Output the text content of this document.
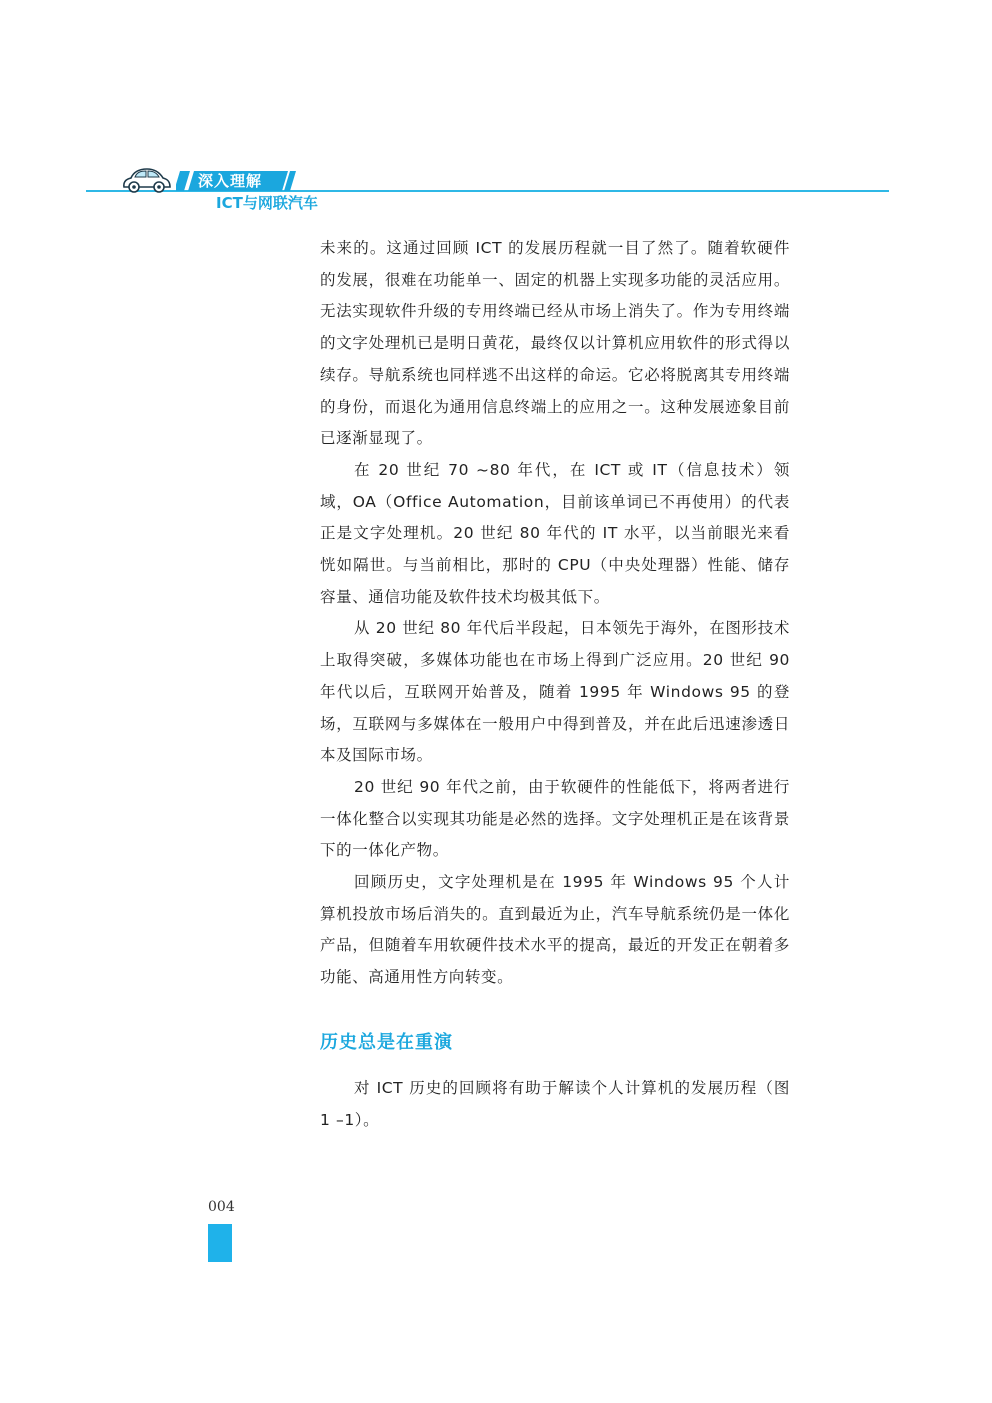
深入理解
ICT与网联汽车

未来的。这通过回顾 ICT 的发展历程就一目了然了。随着软硬件的发展，很难在功能单一、固定的机器上实现多功能的灵活应用。无法实现软件升级的专用终端已经从市场上消失了。作为专用终端的文字处理机已是明日黄花，最终仅以计算机应用软件的形式得以续存。导航系统也同样逃不出这样的命运。它必将脱离其专用终端的身份，而退化为通用信息终端上的应用之一。这种发展迹象目前已逐渐显现了。

在 20 世纪 70 ~80 年代，在 ICT 或 IT（信息技术）领域，OA（Office Automation，目前该单词已不再使用）的代表正是文字处理机。20 世纪 80 年代的 IT 水平，以当前眼光来看恍如隔世。与当前相比，那时的 CPU（中央处理器）性能、储存容量、通信功能及软件技术均极其低下。

从 20 世纪 80 年代后半段起，日本领先于海外，在图形技术上取得突破，多媒体功能也在市场上得到广泛应用。20 世纪 90 年代以后，互联网开始普及，随着 1995 年 Windows 95 的登场，互联网与多媒体在一般用户中得到普及，并在此后迅速渗透日本及国际市场。

20 世纪 90 年代之前，由于软硬件的性能低下，将两者进行一体化整合以实现其功能是必然的选择。文字处理机正是在该背景下的一体化产物。

回顾历史，文字处理机是在 1995 年 Windows 95 个人计算机投放市场后消失的。直到最近为止，汽车导航系统仍是一体化产品，但随着车用软硬件技术水平的提高，最近的开发正在朝着多功能、高通用性方向转变。

历史总是在重演

对 ICT 历史的回顾将有助于解读个人计算机的发展历程（图 1 –1）。

004
